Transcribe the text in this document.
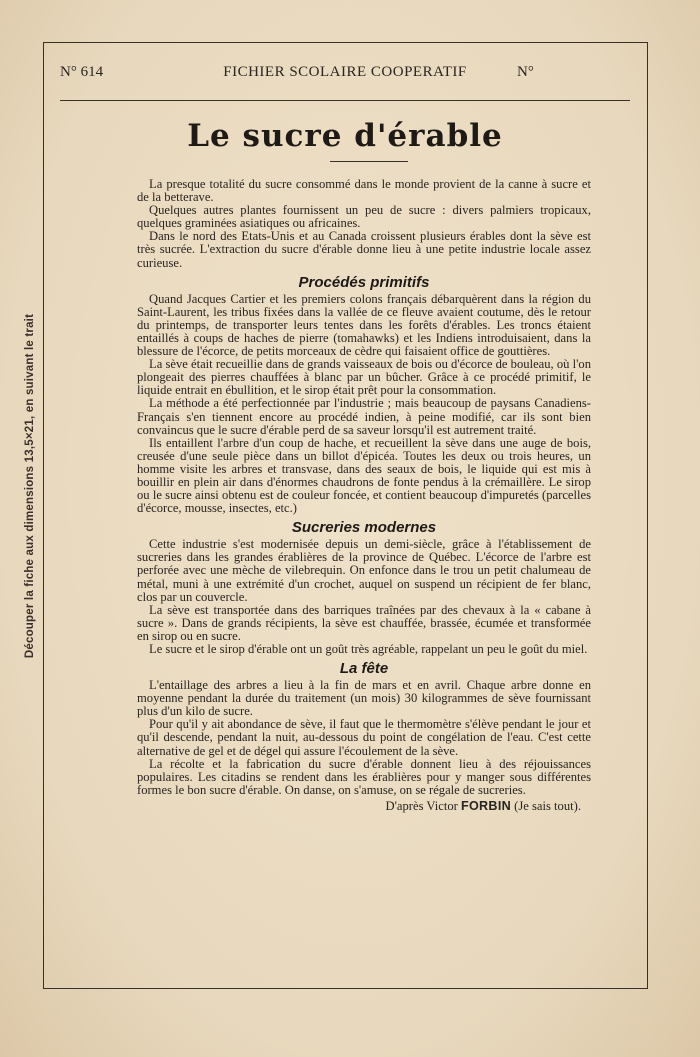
Découper la fiche aux dimensions 13,5×21, en suivant le trait
N° 614	FICHIER SCOLAIRE COOPERATIF	N°
Le sucre d'érable

La presque totalité du sucre consommé dans le monde provient de la canne à sucre et de la betterave.

Quelques autres plantes fournissent un peu de sucre : divers palmiers tropicaux, quelques graminées asiatiques ou africaines.

Dans le nord des Etats-Unis et au Canada croissent plusieurs érables dont la sève est très sucrée. L'extraction du sucre d'érable donne lieu à une petite industrie locale assez curieuse.

Procédés primitifs

Quand Jacques Cartier et les premiers colons français débarquèrent dans la région du Saint-Laurent, les tribus fixées dans la vallée de ce fleuve avaient coutume, dès le retour du printemps, de transporter leurs tentes dans les forêts d'érables. Les troncs étaient entaillés à coups de haches de pierre (tomahawks) et les Indiens introduisaient, dans la blessure de l'écorce, de petits morceaux de cèdre qui faisaient office de gouttières.

La sève était recueillie dans de grands vaisseaux de bois ou d'écorce de bouleau, où l'on plongeait des pierres chauffées à blanc par un bûcher. Grâce à ce procédé primitif, le liquide entrait en ébullition, et le sirop était prêt pour la consommation.

La méthode a été perfectionnée par l'industrie ; mais beaucoup de paysans Canadiens-Français s'en tiennent encore au procédé indien, à peine modifié, car ils sont bien convaincus que le sucre d'érable perd de sa saveur lorsqu'il est autrement traité.

Ils entaillent l'arbre d'un coup de hache, et recueillent la sève dans une auge de bois, creusée d'une seule pièce dans un billot d'épicéa. Toutes les deux ou trois heures, un homme visite les arbres et transvase, dans des seaux de bois, le liquide qui est mis à bouillir en plein air dans d'énormes chaudrons de fonte pendus à la crémaillère. Le sirop ou le sucre ainsi obtenu est de couleur foncée, et contient beaucoup d'impuretés (parcelles d'écorce, mousse, insectes, etc.)

Sucreries modernes

Cette industrie s'est modernisée depuis un demi-siècle, grâce à l'établissement de sucreries dans les grandes érablières de la province de Québec. L'écorce de l'arbre est perforée avec une mèche de vilebrequin. On enfonce dans le trou un petit chalumeau de métal, muni à une extrémité d'un crochet, auquel on suspend un récipient de fer blanc, clos par un couvercle.

La sève est transportée dans des barriques traînées par des chevaux à la « cabane à sucre ». Dans de grands récipients, la sève est chauffée, brassée, écumée et transformée en sirop ou en sucre.

Le sucre et le sirop d'érable ont un goût très agréable, rappelant un peu le goût du miel.

La fête

L'entaillage des arbres a lieu à la fin de mars et en avril. Chaque arbre donne en moyenne pendant la durée du traitement (un mois) 30 kilogrammes de sève fournissant plus d'un kilo de sucre.

Pour qu'il y ait abondance de sève, il faut que le thermomètre s'élève pendant le jour et qu'il descende, pendant la nuit, au-dessous du point de congélation de l'eau. C'est cette alternative de gel et de dégel qui assure l'écoulement de la sève.

La récolte et la fabrication du sucre d'érable donnent lieu à des réjouissances populaires. Les citadins se rendent dans les érablières pour y manger sous différentes formes le bon sucre d'érable. On danse, on s'amuse, on se régale de sucreries.

D'après Victor FORBIN (Je sais tout).
